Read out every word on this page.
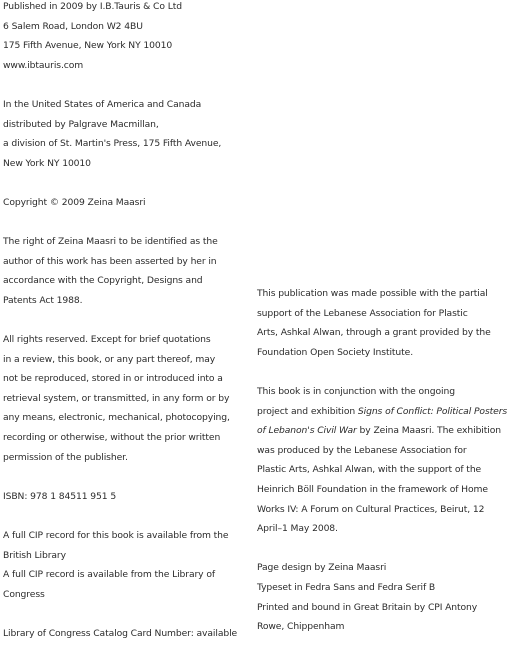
Published in 2009 by I.B.Tauris & Co Ltd
6 Salem Road, London W2 4BU
175 Fifth Avenue, New York NY 10010
www.ibtauris.com
In the United States of America and Canada
distributed by Palgrave Macmillan,
a division of St. Martin's Press, 175 Fifth Avenue,
New York NY 10010
Copyright © 2009 Zeina Maasri
The right of Zeina Maasri to be identified as the
author of this work has been asserted by her in
accordance with the Copyright, Designs and
Patents Act 1988.
All rights reserved. Except for brief quotations
in a review, this book, or any part thereof, may
not be reproduced, stored in or introduced into a
retrieval system, or transmitted, in any form or by
any means, electronic, mechanical, photocopying,
recording or otherwise, without the prior written
permission of the publisher.
ISBN: 978 1 84511 951 5
A full CIP record for this book is available from the
British Library
A full CIP record is available from the Library of
Congress
Library of Congress Catalog Card Number: available
This publication was made possible with the partial
support of the Lebanese Association for Plastic
Arts, Ashkal Alwan, through a grant provided by the
Foundation Open Society Institute.
This book is in conjunction with the ongoing
project and exhibition Signs of Conflict: Political Posters
of Lebanon's Civil War by Zeina Maasri. The exhibition
was produced by the Lebanese Association for
Plastic Arts, Ashkal Alwan, with the support of the
Heinrich Böll Foundation in the framework of Home
Works IV: A Forum on Cultural Practices, Beirut, 12
April–1 May 2008.
Page design by Zeina Maasri
Typeset in Fedra Sans and Fedra Serif B
Printed and bound in Great Britain by CPI Antony
Rowe, Chippenham
